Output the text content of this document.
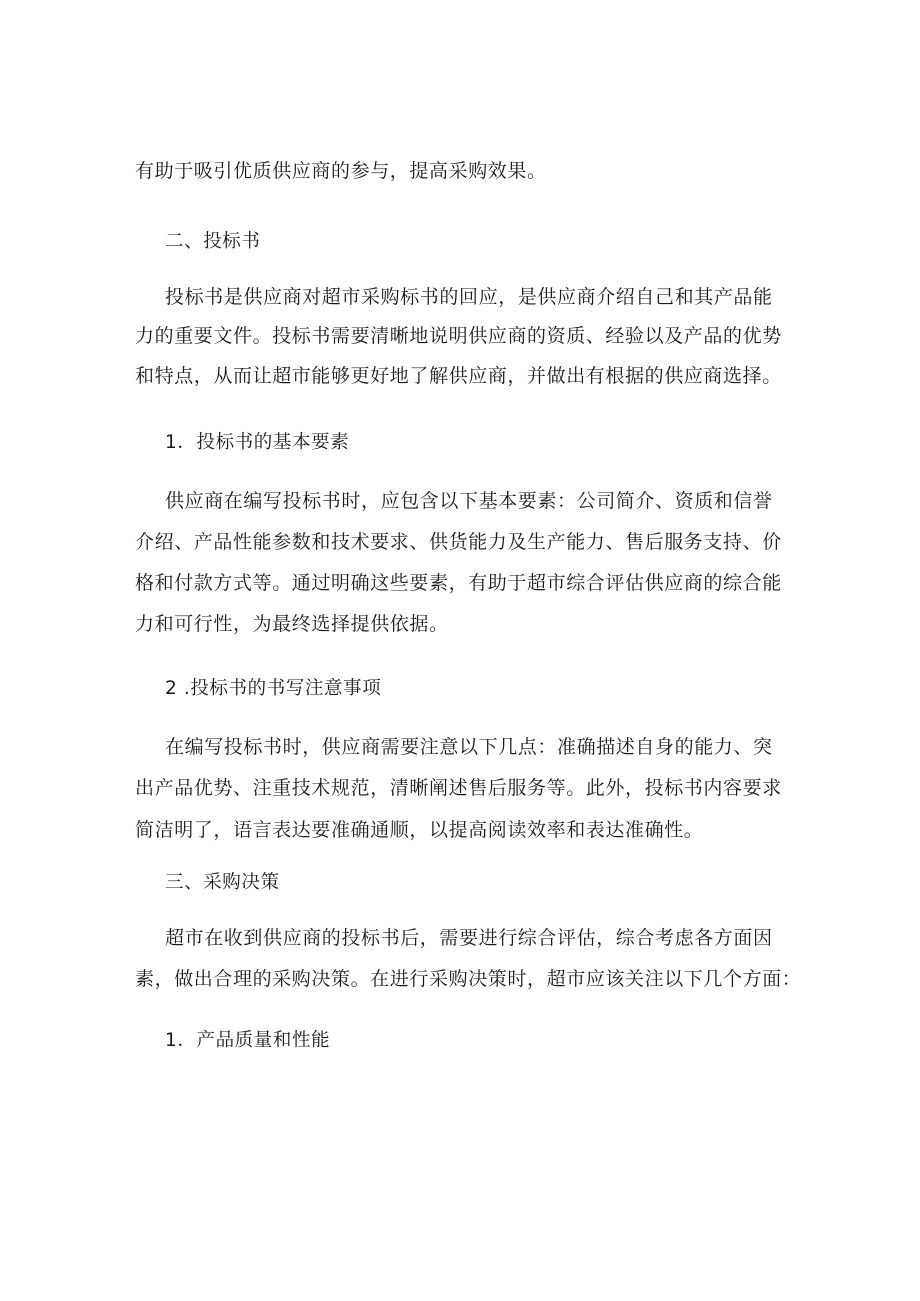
有助于吸引优质供应商的参与，提高采购效果。
二、投标书
投标书是供应商对超市采购标书的回应，是供应商介绍自己和其产品能
力的重要文件。投标书需要清晰地说明供应商的资质、经验以及产品的优势
和特点，从而让超市能够更好地了解供应商，并做出有根据的供应商选择。
1．投标书的基本要素
供应商在编写投标书时，应包含以下基本要素：公司简介、资质和信誉
介绍、产品性能参数和技术要求、供货能力及生产能力、售后服务支持、价
格和付款方式等。通过明确这些要素，有助于超市综合评估供应商的综合能
力和可行性，为最终选择提供依据。
2 .投标书的书写注意事项
在编写投标书时，供应商需要注意以下几点：准确描述自身的能力、突
出产品优势、注重技术规范，清晰阐述售后服务等。此外，投标书内容要求
简洁明了，语言表达要准确通顺，以提高阅读效率和表达准确性。
三、采购决策
超市在收到供应商的投标书后，需要进行综合评估，综合考虑各方面因
素，做出合理的采购决策。在进行采购决策时，超市应该关注以下几个方面：
1．产品质量和性能
